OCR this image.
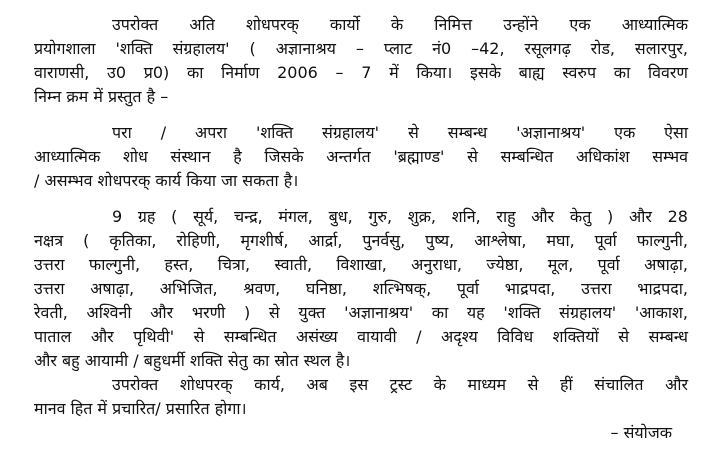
उपरोक्त अति शोधपरक् कार्यो के निमित्त उन्होंने एक आध्यात्मिक
प्रयोगशाला 'शक्ति संग्रहालय' ( अज्ञानाश्रय – प्लाट नं0 –42, रसूलगढ़ रोड, सलारपुर,
वाराणसी, उ0 प्र0) का निर्माण 2006 – 7 में किया। इसके बाह्य स्वरुप का विवरण
निम्न क्रम में प्रस्तुत है –
परा / अपरा 'शक्ति संग्रहालय' से सम्बन्ध 'अज्ञानाश्रय' एक ऐसा
आध्यात्मिक शोध संस्थान है जिसके अन्तर्गत 'ब्रह्माण्ड' से सम्बन्धित अधिकांश सम्भव
/ असम्भव शोधपरक् कार्य किया जा सकता है।
9 ग्रह ( सूर्य, चन्द्र, मंगल, बुध, गुरु, शुक्र, शनि, राहु और केतु ) और 28
नक्षत्र ( कृतिका, रोहिणी, मृगशीर्ष, आर्द्रा, पुनर्वसु, पुष्य, आश्लेषा, मघा, पूर्वा फाल्गुनी,
उत्तरा फाल्गुनी, हस्त, चित्रा, स्वाती, विशाखा, अनुराधा, ज्येष्ठा, मूल, पूर्वा अषाढ़ा,
उत्तरा अषाढ़ा, अभिजित, श्रवण, घनिष्ठा, शत्भिषक्, पूर्वा भाद्रपदा, उत्तरा भाद्रपदा,
रेवती, अश्विनी और भरणी ) से युक्त 'अज्ञानाश्रय' का यह 'शक्ति संग्रहालय' 'आकाश,
पाताल और पृथिवी' से सम्बन्धित असंख्य वायावी / अदृश्य विविध शक्तियों से सम्बन्ध
और बहु आयामी / बहुधर्मी शक्ति सेतु का स्रोत स्थल है।
उपरोक्त शोधपरक् कार्य, अब इस ट्रस्ट के माध्यम से हीं संचालित और
मानव हित में प्रचारित/ प्रसारित होगा।
– संयोजक
